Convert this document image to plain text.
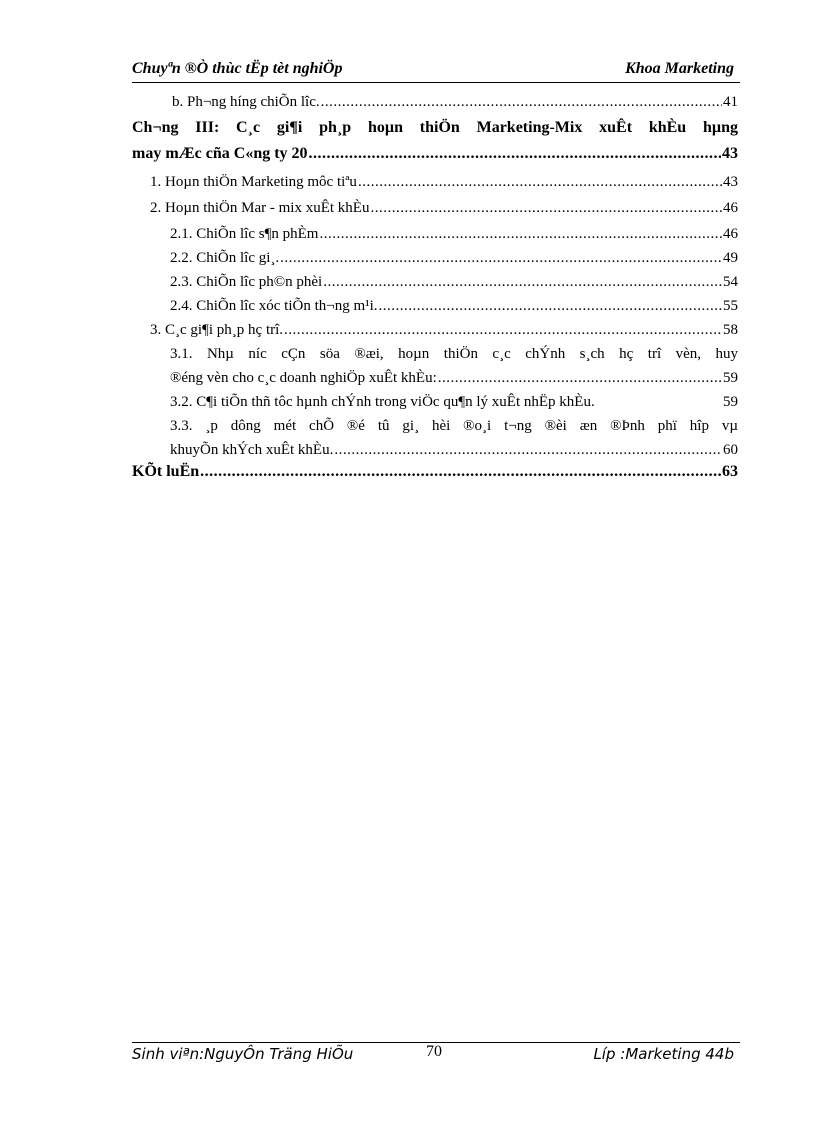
Chuyªn ®Ò thùc tËp tèt nghiÖp	Khoa Marketing
b. Ph¬ng híng chiÕn lîc. .....	41
Ch¬ng III: C¸c gi¶i ph¸p hoµn thiÖn Marketing-Mix xuÊt khÈu hµng
may mÆc cña C«ng ty 20 .....	43
1. Hoµn thiÖn Marketing môc tiªu .....	43
2. Hoµn thiÖn Mar - mix xuÊt khÈu .....	46
2.1. ChiÕn lîc s¶n phÈm .....	46
2.2. ChiÕn lîc gi¸. .....	49
2.3. ChiÕn lîc ph©n phèi .....	54
2.4. ChiÕn lîc xóc tiÕn th¬ng m¹i. .....	55
3. C¸c gi¶i ph¸p hç trî. .....	58
3.1. Nhµ níc cÇn söa ®æi, hoµn thiÖn c¸c chÝnh s¸ch hç trî vèn, huy
®éng vèn cho c¸c doanh nghiÖp xuÊt khÈu: .....	59
3.2. C¶i tiÕn thñ tôc hµnh chÝnh trong viÖc qu¶n lý xuÊt nhËp khÈu.	59
3.3. ¸p dông mét chÕ ®é tû gi¸ hèi ®o¸i t¬ng ®èi æn ®Þnh phï hîp vµ
khuyÕn khÝch xuÊt khÈu. .....	60
KÕt luËn .....	63
Sinh viªn:NguyÔn Träng HiÕu	70	Líp :Marketing 44b
